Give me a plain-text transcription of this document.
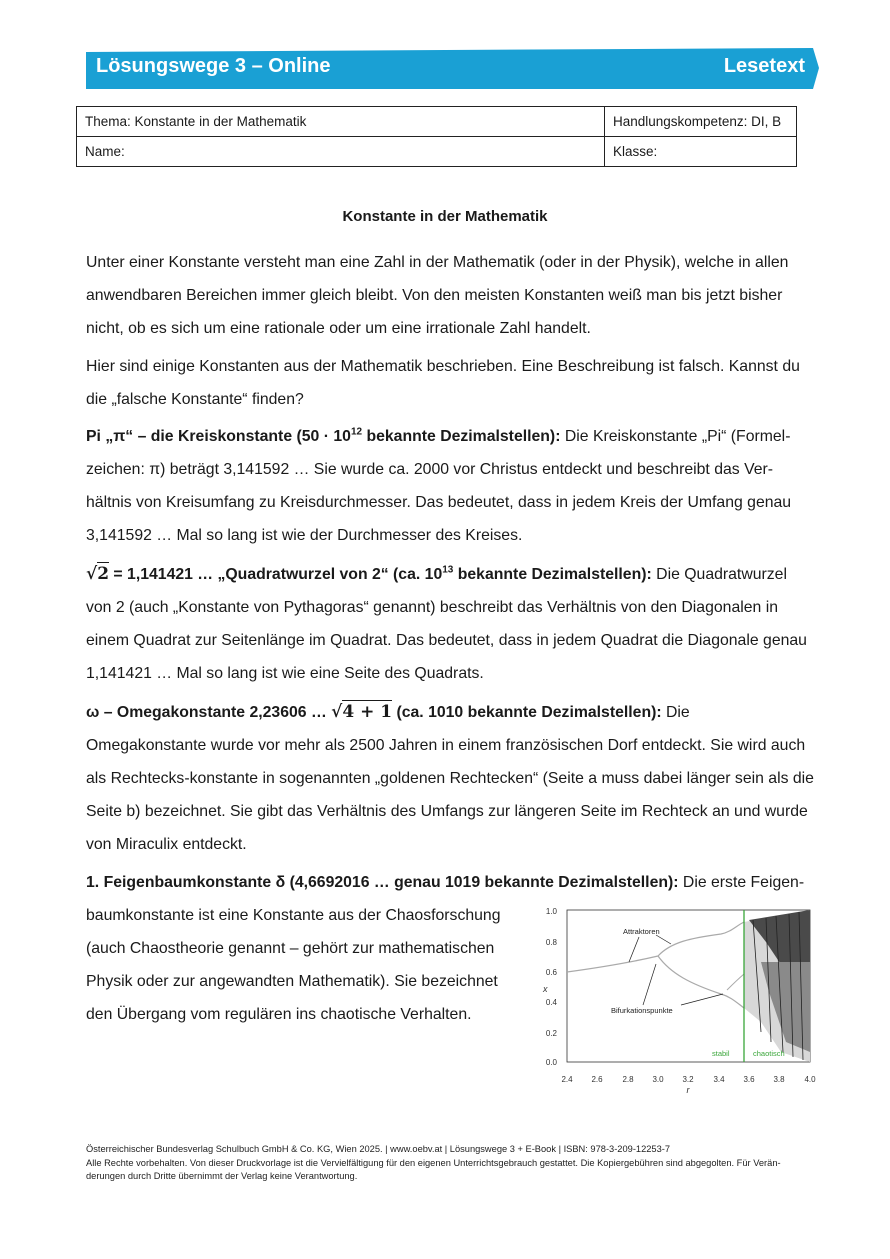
Lösungswege 3 – Online	Lesetext
Thema: Konstante in der Mathematik	Handlungskompetenz: DI, B
Name:	Klasse:
Konstante in der Mathematik

Unter einer Konstante versteht man eine Zahl in der Mathematik (oder in der Physik), welche in allen anwendbaren Bereichen immer gleich bleibt. Von den meisten Konstanten weiß man bis jetzt bisher nicht, ob es sich um eine rationale oder um eine irrationale Zahl handelt.

Hier sind einige Konstanten aus der Mathematik beschrieben. Eine Beschreibung ist falsch. Kannst du die „falsche Konstante“ finden?

Pi „π“ – die Kreiskonstante ($50 \cdot 10^{12}$ bekannte Dezimalstellen): Die Kreiskonstante „Pi“ (Formel-zeichen: π) beträgt 3,141592 … Sie wurde ca. 2000 vor Christus entdeckt und beschreibt das Ver-hältnis von Kreisumfang zu Kreisdurchmesser. Das bedeutet, dass in jedem Kreis der Umfang genau 3,141592 … Mal so lang ist wie der Durchmesser des Kreises.

√2 = 1,141421 … „Quadratwurzel von 2“ (ca. $10^{13}$ bekannte Dezimalstellen): Die Quadratwurzel von 2 (auch „Konstante von Pythagoras“ genannt) beschreibt das Verhältnis von den Diagonalen in einem Quadrat zur Seitenlänge im Quadrat. Das bedeutet, dass in jedem Quadrat die Diagonale genau 1,141421 … Mal so lang ist wie eine Seite des Quadrats.

ω – Omegakonstante 2,23606 … √4 + 1 (ca. 1010 bekannte Dezimalstellen): Die Omegakonstante wurde vor mehr als 2500 Jahren in einem französischen Dorf entdeckt. Sie wird auch als Rechtecks-konstante in sogenannten „goldenen Rechtecken“ (Seite a muss dabei länger sein als die Seite b) bezeichnet. Sie gibt das Verhältnis des Umfangs zur längeren Seite im Rechteck an und wurde von Miraculix entdeckt.

1. Feigenbaumkonstante δ (4,6692016 … genau 1019 bekannte Dezimalstellen): Die erste Feigen-

baumkonstante ist eine Konstante aus der Chaosforschung (auch Chaostheorie genannt – gehört zur mathematischen Physik oder zur angewandten Mathematik). Sie bezeichnet den Übergang vom regulären ins chaotische Verhalten.

1.0
0.8
0.6
0.4
0.2
0.0
x
2.4 2.6 2.8 3.0 3.2 3.4 3.6 3.8 4.0
r
Attraktoren
Bifurkationspunkte
stabil	chaotisch
Österreichischer Bundesverlag Schulbuch GmbH & Co. KG, Wien 2025. | www.oebv.at | Lösungswege 3 + E-Book | ISBN: 978-3-209-12253-7
Alle Rechte vorbehalten. Von dieser Druckvorlage ist die Vervielfältigung für den eigenen Unterrichtsgebrauch gestattet. Die Kopiergebühren sind abgegolten. Für Verän-derungen durch Dritte übernimmt der Verlag keine Verantwortung.
